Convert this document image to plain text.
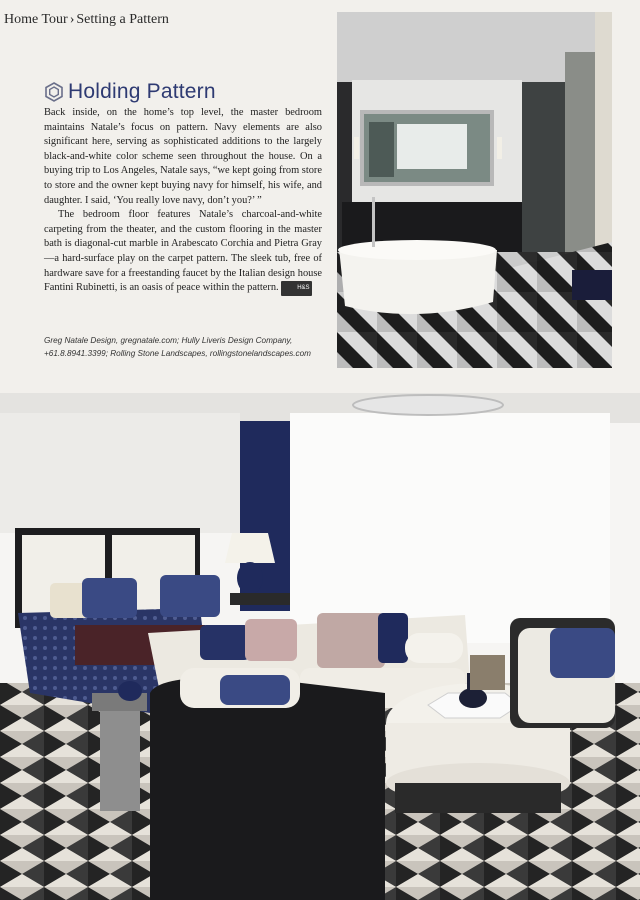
Home Tour › Setting a Pattern
Holding Pattern

Back inside, on the home’s top level, the master bedroom maintains Natale’s focus on pattern. Navy elements are also significant here, serving as sophisticated additions to the largely black-and-white color scheme seen throughout the house. On a buying trip to Los Angeles, Natale says, “we kept going from store to store and the owner kept buying navy for himself, his wife, and daughter. I said, ‘You really love navy, don’t you?’ ”

The bedroom floor features Natale’s charcoal-and-white carpeting from the theater, and the custom flooring in the master bath is diagonal-cut marble in Arabescato Corchia and Pietra Gray—a hard-surface play on the carpet pattern. The sleek tub, free of hardware save for a freestanding faucet by the Italian design house Fantini Rubinetti, is an oasis of peace within the pattern.	H&S

Greg Natale Design, gregnatale.com; Hully Liveris Design Company,
+61.8.8941.3399; Rolling Stone Landscapes, rollingstonelandscapes.com
